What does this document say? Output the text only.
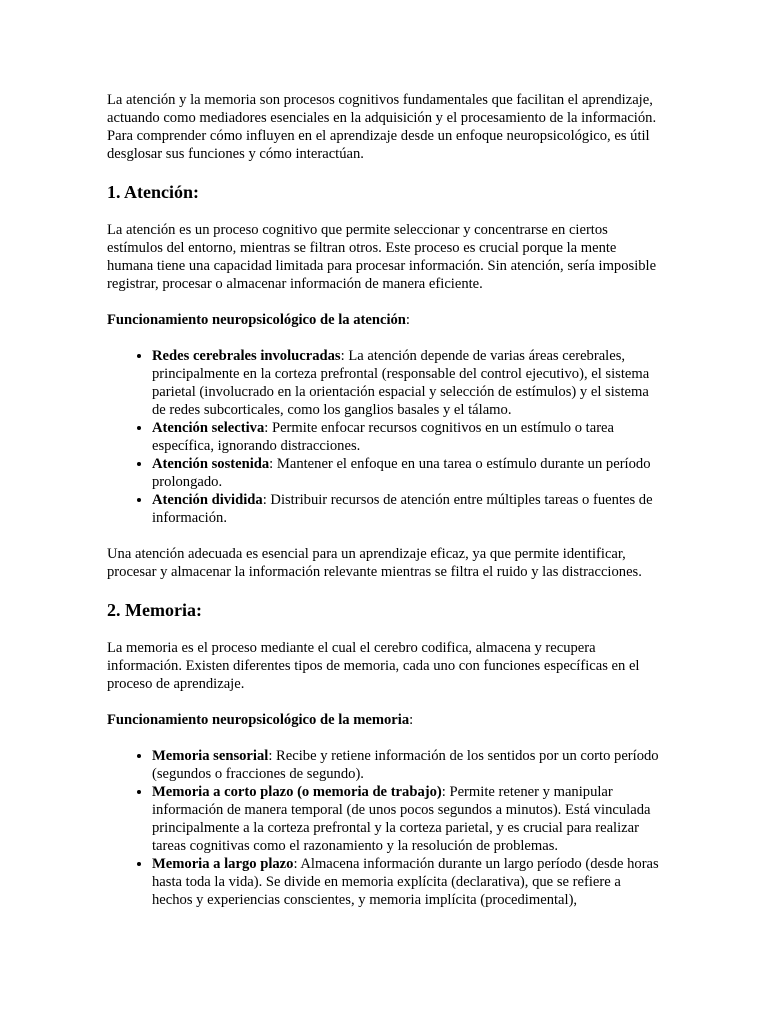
La atención y la memoria son procesos cognitivos fundamentales que facilitan el aprendizaje, actuando como mediadores esenciales en la adquisición y el procesamiento de la información. Para comprender cómo influyen en el aprendizaje desde un enfoque neuropsicológico, es útil desglosar sus funciones y cómo interactúan.

1. Atención:

La atención es un proceso cognitivo que permite seleccionar y concentrarse en ciertos estímulos del entorno, mientras se filtran otros. Este proceso es crucial porque la mente humana tiene una capacidad limitada para procesar información. Sin atención, sería imposible registrar, procesar o almacenar información de manera eficiente.

Funcionamiento neuropsicológico de la atención:

• Redes cerebrales involucradas: La atención depende de varias áreas cerebrales, principalmente en la corteza prefrontal (responsable del control ejecutivo), el sistema parietal (involucrado en la orientación espacial y selección de estímulos) y el sistema de redes subcorticales, como los ganglios basales y el tálamo.
• Atención selectiva: Permite enfocar recursos cognitivos en un estímulo o tarea específica, ignorando distracciones.
• Atención sostenida: Mantener el enfoque en una tarea o estímulo durante un período prolongado.
• Atención dividida: Distribuir recursos de atención entre múltiples tareas o fuentes de información.

Una atención adecuada es esencial para un aprendizaje eficaz, ya que permite identificar, procesar y almacenar la información relevante mientras se filtra el ruido y las distracciones.

2. Memoria:

La memoria es el proceso mediante el cual el cerebro codifica, almacena y recupera información. Existen diferentes tipos de memoria, cada uno con funciones específicas en el proceso de aprendizaje.

Funcionamiento neuropsicológico de la memoria:

• Memoria sensorial: Recibe y retiene información de los sentidos por un corto período (segundos o fracciones de segundo).
• Memoria a corto plazo (o memoria de trabajo): Permite retener y manipular información de manera temporal (de unos pocos segundos a minutos). Está vinculada principalmente a la corteza prefrontal y la corteza parietal, y es crucial para realizar tareas cognitivas como el razonamiento y la resolución de problemas.
• Memoria a largo plazo: Almacena información durante un largo período (desde horas hasta toda la vida). Se divide en memoria explícita (declarativa), que se refiere a hechos y experiencias conscientes, y memoria implícita (procedimental),
